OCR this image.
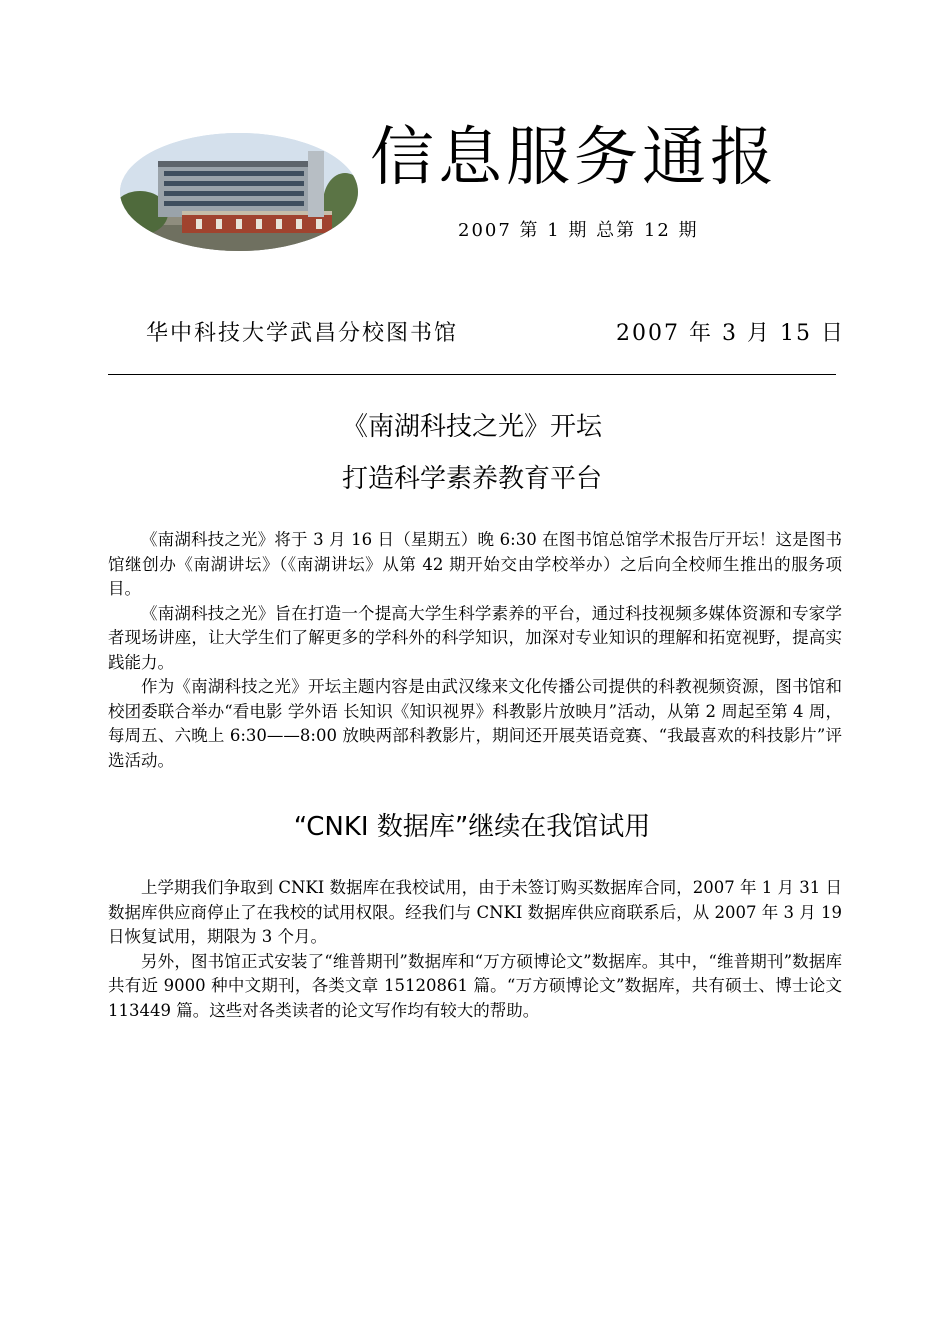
信息服务通报
2007 第 1 期 总第 12 期
华中科技大学武昌分校图书馆	2007 年 3 月 15 日
《南湖科技之光》开坛
打造科学素养教育平台

《南湖科技之光》将于 3 月 16 日（星期五）晚 6:30 在图书馆总馆学术报告厅开坛！这是图书馆继创办《南湖讲坛》（《南湖讲坛》从第 42 期开始交由学校举办）之后向全校师生推出的服务项目。

《南湖科技之光》旨在打造一个提高大学生科学素养的平台，通过科技视频多媒体资源和专家学者现场讲座，让大学生们了解更多的学科外的科学知识，加深对专业知识的理解和拓宽视野，提高实践能力。

作为《南湖科技之光》开坛主题内容是由武汉缘来文化传播公司提供的科教视频资源，图书馆和校团委联合举办“看电影 学外语 长知识《知识视界》科教影片放映月”活动，从第 2 周起至第 4 周，每周五、六晚上 6:30——8:00 放映两部科教影片，期间还开展英语竞赛、“我最喜欢的科技影片”评选活动。

“CNKI 数据库”继续在我馆试用

上学期我们争取到 CNKI 数据库在我校试用，由于未签订购买数据库合同，2007 年 1 月 31 日数据库供应商停止了在我校的试用权限。经我们与 CNKI 数据库供应商联系后，从 2007 年 3 月 19 日恢复试用，期限为 3 个月。

另外，图书馆正式安装了“维普期刊”数据库和“万方硕博论文”数据库。其中，“维普期刊”数据库共有近 9000 种中文期刊，各类文章 15120861 篇。“万方硕博论文”数据库，共有硕士、博士论文 113449 篇。这些对各类读者的论文写作均有较大的帮助。
